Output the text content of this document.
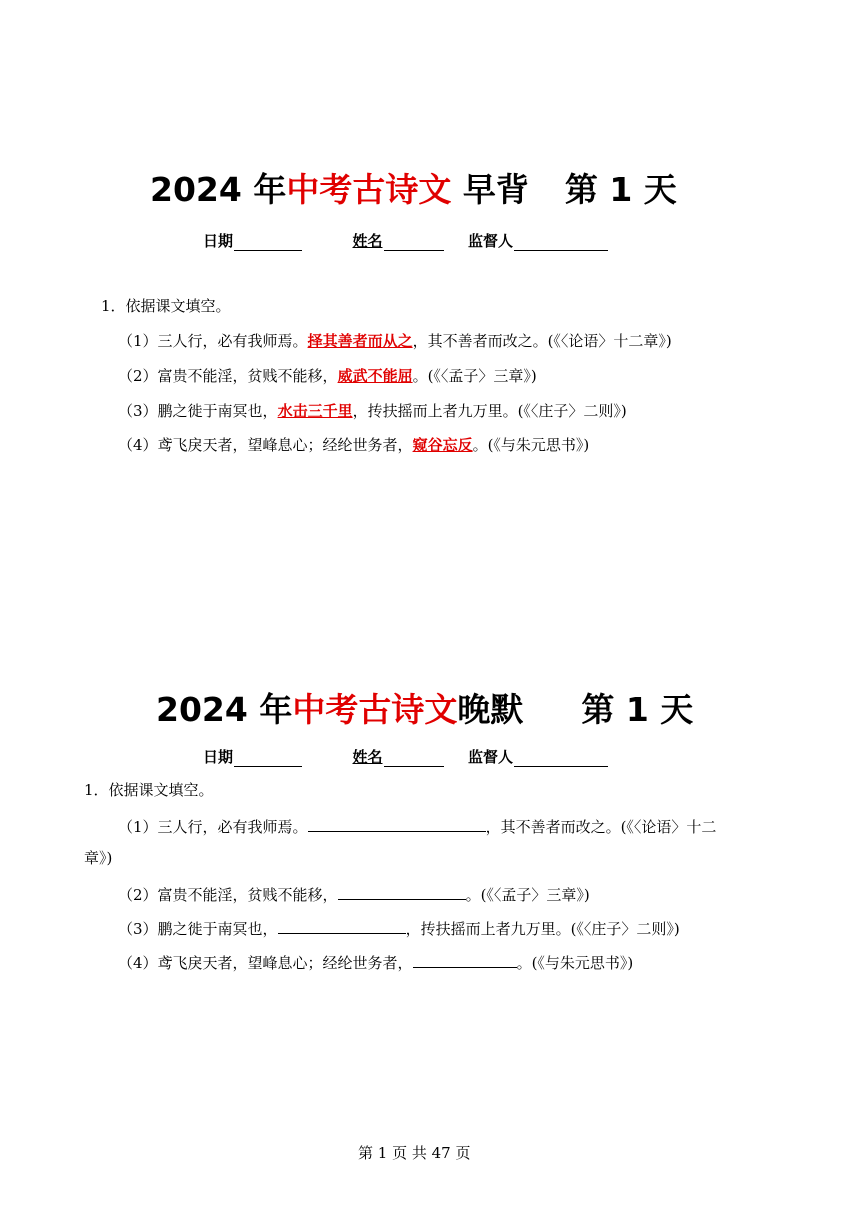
2024 年中考古诗文 早背 第 1 天
日期	姓名	监督人
1．依据课文填空。
（1）三人行，必有我师焉。择其善者而从之，其不善者而改之。(《〈论语〉十二章》)
（2）富贵不能淫，贫贱不能移，威武不能屈。(《〈孟子〉三章》)
（3）鹏之徙于南冥也，水击三千里，抟扶摇而上者九万里。(《〈庄子〉二则》)
（4）鸢飞戾天者，望峰息心；经纶世务者，窥谷忘反。(《与朱元思书》)
2024 年中考古诗文晚默 第 1 天
日期	姓名	监督人
1．依据课文填空。
（1）三人行，必有我师焉。	，其不善者而改之。(《〈论语〉十二
章》)
（2）富贵不能淫，贫贱不能移，	。(《〈孟子〉三章》)
（3）鹏之徙于南冥也，	，抟扶摇而上者九万里。(《〈庄子〉二则》)
（4）鸢飞戾天者，望峰息心；经纶世务者，	。(《与朱元思书》)
第 1 页 共 47 页
